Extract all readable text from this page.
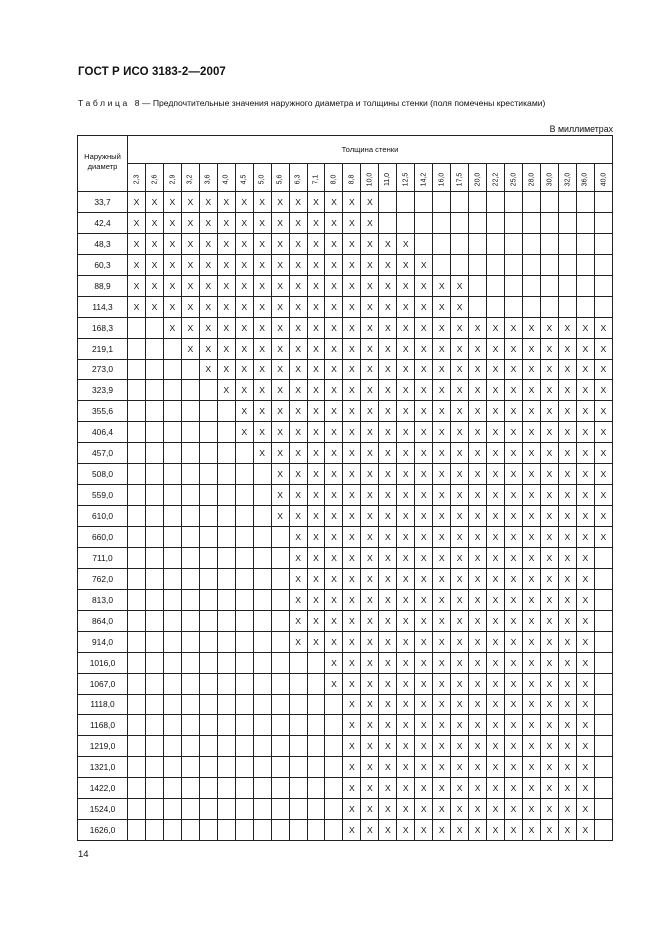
ГОСТ Р ИСО 3183-2—2007
Таблица 8 — Предпочтительные значения наружного диаметра и толщины стенки (поля помечены крестиками)
В миллиметрах
Наружный диаметр	Толщина стенки																										
	2,3	2,6	2,9	3,2	3,6	4,0	4,5	5,0	5,6	6,3	7,1	8,0	8,8	10,0	11,0	12,5	14,2	16,0	17,5	20,0	22,2	25,0	28,0	30,0	32,0	36,0	40,0
33,7	X	X	X	X	X	X	X	X	X	X	X	X	X	X													
42,4	X	X	X	X	X	X	X	X	X	X	X	X	X	X													
48,3	X	X	X	X	X	X	X	X	X	X	X	X	X	X	X	X											
60,3	X	X	X	X	X	X	X	X	X	X	X	X	X	X	X	X	X										
88,9	X	X	X	X	X	X	X	X	X	X	X	X	X	X	X	X	X	X	X								
114,3	X	X	X	X	X	X	X	X	X	X	X	X	X	X	X	X	X	X	X								
168,3			X	X	X	X	X	X	X	X	X	X	X	X	X	X	X	X	X	X	X	X	X	X	X	X	X
219,1				X	X	X	X	X	X	X	X	X	X	X	X	X	X	X	X	X	X	X	X	X	X	X	X
273,0					X	X	X	X	X	X	X	X	X	X	X	X	X	X	X	X	X	X	X	X	X	X	X
323,9						X	X	X	X	X	X	X	X	X	X	X	X	X	X	X	X	X	X	X	X	X	X
355,6							X	X	X	X	X	X	X	X	X	X	X	X	X	X	X	X	X	X	X	X	X
406,4							X	X	X	X	X	X	X	X	X	X	X	X	X	X	X	X	X	X	X	X	X
457,0								X	X	X	X	X	X	X	X	X	X	X	X	X	X	X	X	X	X	X	X
508,0									X	X	X	X	X	X	X	X	X	X	X	X	X	X	X	X	X	X	X
559,0									X	X	X	X	X	X	X	X	X	X	X	X	X	X	X	X	X	X	X
610,0									X	X	X	X	X	X	X	X	X	X	X	X	X	X	X	X	X	X	X
660,0										X	X	X	X	X	X	X	X	X	X	X	X	X	X	X	X	X	X
711,0										X	X	X	X	X	X	X	X	X	X	X	X	X	X	X	X	X	
762,0										X	X	X	X	X	X	X	X	X	X	X	X	X	X	X	X	X	
813,0										X	X	X	X	X	X	X	X	X	X	X	X	X	X	X	X	X	
864,0										X	X	X	X	X	X	X	X	X	X	X	X	X	X	X	X	X	
914,0										X	X	X	X	X	X	X	X	X	X	X	X	X	X	X	X	X	
1016,0												X	X	X	X	X	X	X	X	X	X	X	X	X	X	X	
1067,0												X	X	X	X	X	X	X	X	X	X	X	X	X	X	X	
1118,0													X	X	X	X	X	X	X	X	X	X	X	X	X	X	
1168,0													X	X	X	X	X	X	X	X	X	X	X	X	X	X	
1219,0													X	X	X	X	X	X	X	X	X	X	X	X	X	X	
1321,0													X	X	X	X	X	X	X	X	X	X	X	X	X	X	
1422,0													X	X	X	X	X	X	X	X	X	X	X	X	X	X	
1524,0													X	X	X	X	X	X	X	X	X	X	X	X	X	X	
1626,0													X	X	X	X	X	X	X	X	X	X	X	X	X	X	
14
